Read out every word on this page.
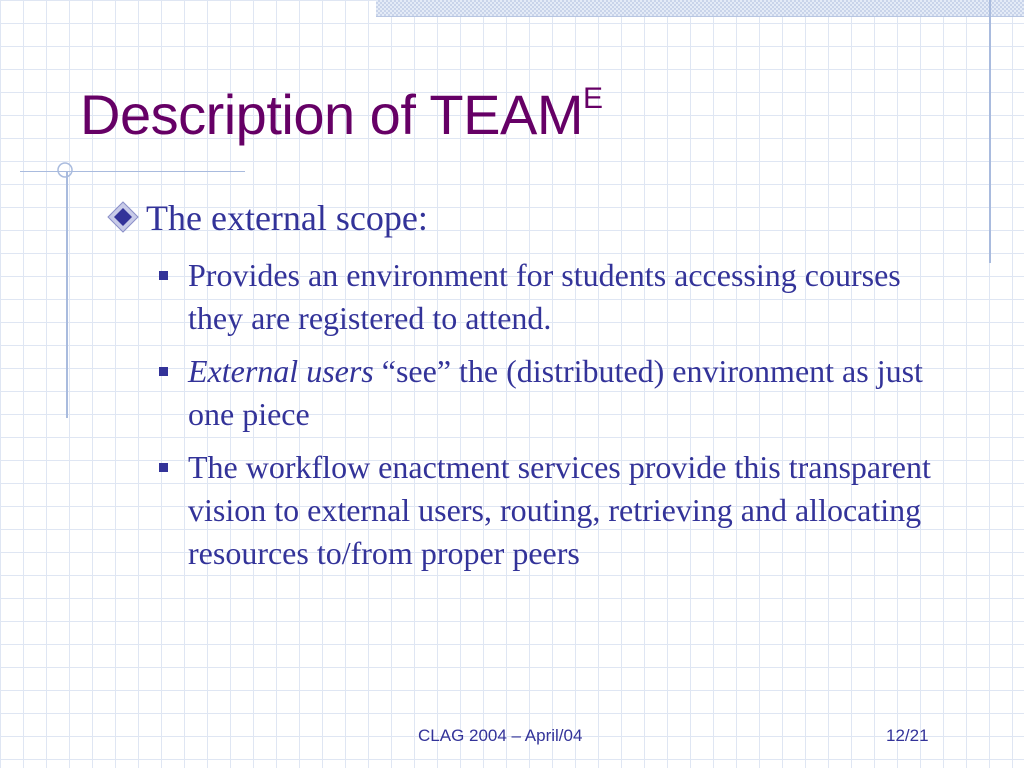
Description of $TEAM^E$
The external scope:
Provides an environment for students accessing courses they are registered to attend.
External users “see” the (distributed) environment as just one piece
The workflow enactment services provide this transparent vision to external users, routing, retrieving and allocating resources to/from proper peers
CLAG 2004 – April/04	12/21
